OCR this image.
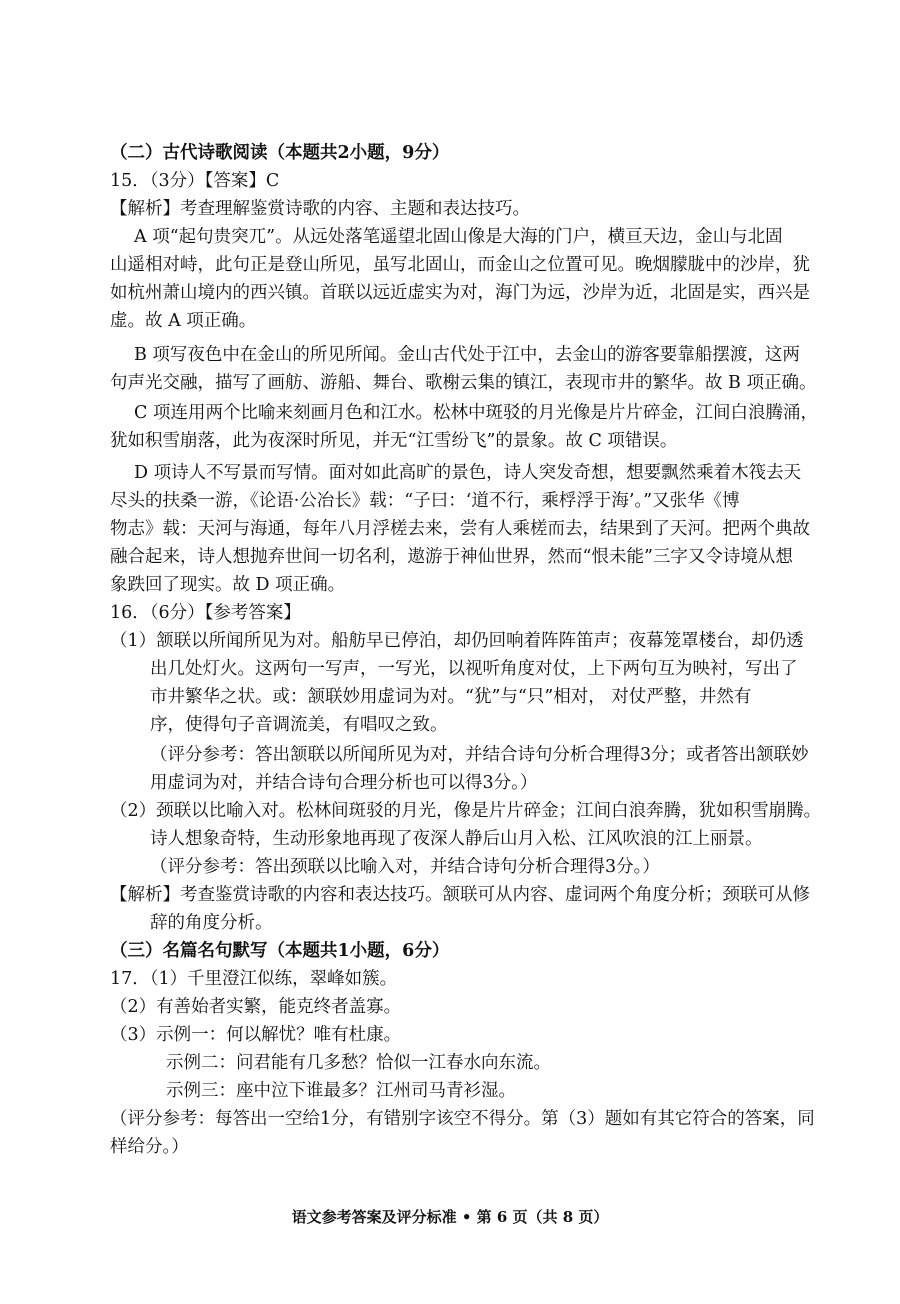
（二）古代诗歌阅读（本题共2小题，9分）
15．（3分）【答案】C
【解析】考查理解鉴赏诗歌的内容、主题和表达技巧。
A 项“起句贵突兀”。从远处落笔遥望北固山像是大海的门户，横亘天边，金山与北固
山遥相对峙，此句正是登山所见，虽写北固山，而金山之位置可见。晚烟朦胧中的沙岸，犹
如杭州萧山境内的西兴镇。首联以远近虚实为对，海门为远，沙岸为近，北固是实，西兴是
虚。故 A 项正确。
B 项写夜色中在金山的所见所闻。金山古代处于江中，去金山的游客要靠船摆渡，这两
句声光交融，描写了画舫、游船、舞台、歌榭云集的镇江，表现市井的繁华。故 B 项正确。
C 项连用两个比喻来刻画月色和江水。松林中斑驳的月光像是片片碎金，江间白浪腾涌，
犹如积雪崩落，此为夜深时所见，并无“江雪纷飞”的景象。故 C 项错误。
D 项诗人不写景而写情。面对如此高旷的景色，诗人突发奇想，想要飘然乘着木筏去天
尽头的扶桑一游，《论语·公冶长》载：“子曰：‘道不行，乘桴浮于海’。”又张华《博
物志》载：天河与海通，每年八月浮槎去来，尝有人乘槎而去，结果到了天河。把两个典故
融合起来，诗人想抛弃世间一切名利，遨游于神仙世界，然而“恨未能”三字又令诗境从想
象跌回了现实。故 D 项正确。
16．（6分）【参考答案】
（1）颔联以所闻所见为对。船舫早已停泊，却仍回响着阵阵笛声；夜幕笼罩楼台，却仍透
出几处灯火。这两句一写声，一写光，以视听角度对仗，上下两句互为映衬，写出了
市井繁华之状。或：颔联妙用虚词为对。“犹”与“只”相对， 对仗严整，井然有
序，使得句子音调流美，有唱叹之致。
（评分参考：答出颔联以所闻所见为对，并结合诗句分析合理得3分；或者答出颔联妙
用虚词为对，并结合诗句合理分析也可以得3分。）
（2）颈联以比喻入对。松林间斑驳的月光，像是片片碎金；江间白浪奔腾，犹如积雪崩腾。
诗人想象奇特，生动形象地再现了夜深人静后山月入松、江风吹浪的江上丽景。
（评分参考：答出颈联以比喻入对，并结合诗句分析合理得3分。）
【解析】考查鉴赏诗歌的内容和表达技巧。颔联可从内容、虚词两个角度分析；颈联可从修
辞的角度分析。
（三）名篇名句默写（本题共1小题，6分）
17．（1）千里澄江似练，翠峰如簇。
（2）有善始者实繁，能克终者盖寡。
（3）示例一：何以解忧？唯有杜康。
示例二：问君能有几多愁？恰似一江春水向东流。
示例三：座中泣下谁最多？江州司马青衫湿。
（评分参考：每答出一空给1分，有错别字该空不得分。第（3）题如有其它符合的答案，同
样给分。）
语文参考答案及评分标准 • 第 6 页（共 8 页）
